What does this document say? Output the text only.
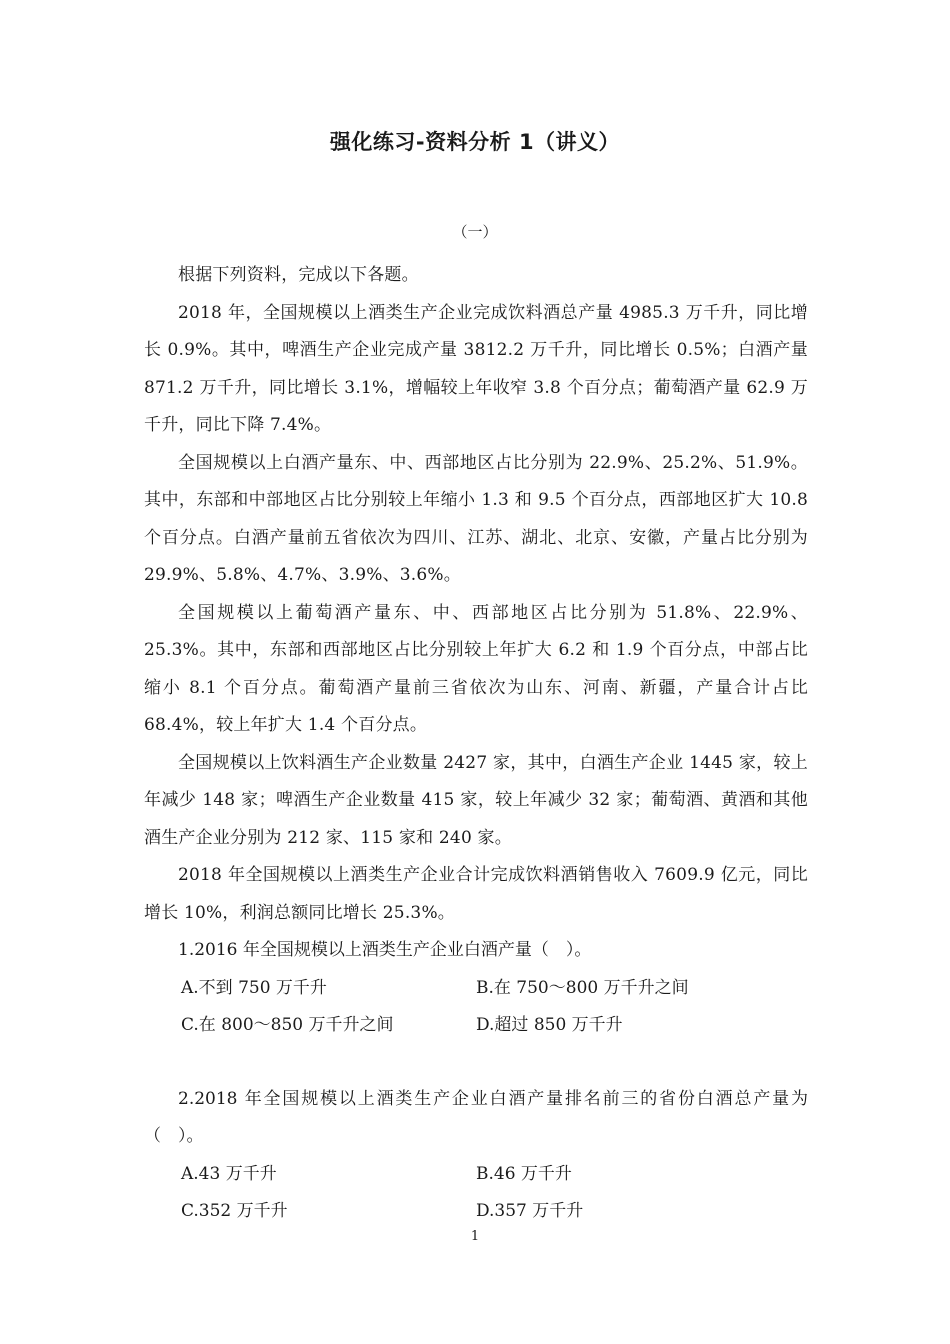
强化练习-资料分析 1（讲义）
（一）

根据下列资料，完成以下各题。

2018 年，全国规模以上酒类生产企业完成饮料酒总产量 4985.3 万千升，同比增长 0.9%。其中，啤酒生产企业完成产量 3812.2 万千升，同比增长 0.5%；白酒产量 871.2 万千升，同比增长 3.1%，增幅较上年收窄 3.8 个百分点；葡萄酒产量 62.9 万千升，同比下降 7.4%。

全国规模以上白酒产量东、中、西部地区占比分别为 22.9%、25.2%、51.9%。其中，东部和中部地区占比分别较上年缩小 1.3 和 9.5 个百分点，西部地区扩大 10.8 个百分点。白酒产量前五省依次为四川、江苏、湖北、北京、安徽，产量占比分别为 29.9%、5.8%、4.7%、3.9%、3.6%。

全国规模以上葡萄酒产量东、中、西部地区占比分别为 51.8%、22.9%、25.3%。其中，东部和西部地区占比分别较上年扩大 6.2 和 1.9 个百分点，中部占比缩小 8.1 个百分点。葡萄酒产量前三省依次为山东、河南、新疆，产量合计占比 68.4%，较上年扩大 1.4 个百分点。

全国规模以上饮料酒生产企业数量 2427 家，其中，白酒生产企业 1445 家，较上年减少 148 家；啤酒生产企业数量 415 家，较上年减少 32 家；葡萄酒、黄酒和其他酒生产企业分别为 212 家、115 家和 240 家。

2018 年全国规模以上酒类生产企业合计完成饮料酒销售收入 7609.9 亿元，同比增长 10%，利润总额同比增长 25.3%。

1.2016 年全国规模以上酒类生产企业白酒产量（　）。
A.不到 750 万千升	B.在 750～800 万千升之间
C.在 800～850 万千升之间	D.超过 850 万千升
2.2018 年全国规模以上酒类生产企业白酒产量排名前三的省份白酒总产量为（　）。
A.43 万千升	B.46 万千升
C.352 万千升	D.357 万千升
1
